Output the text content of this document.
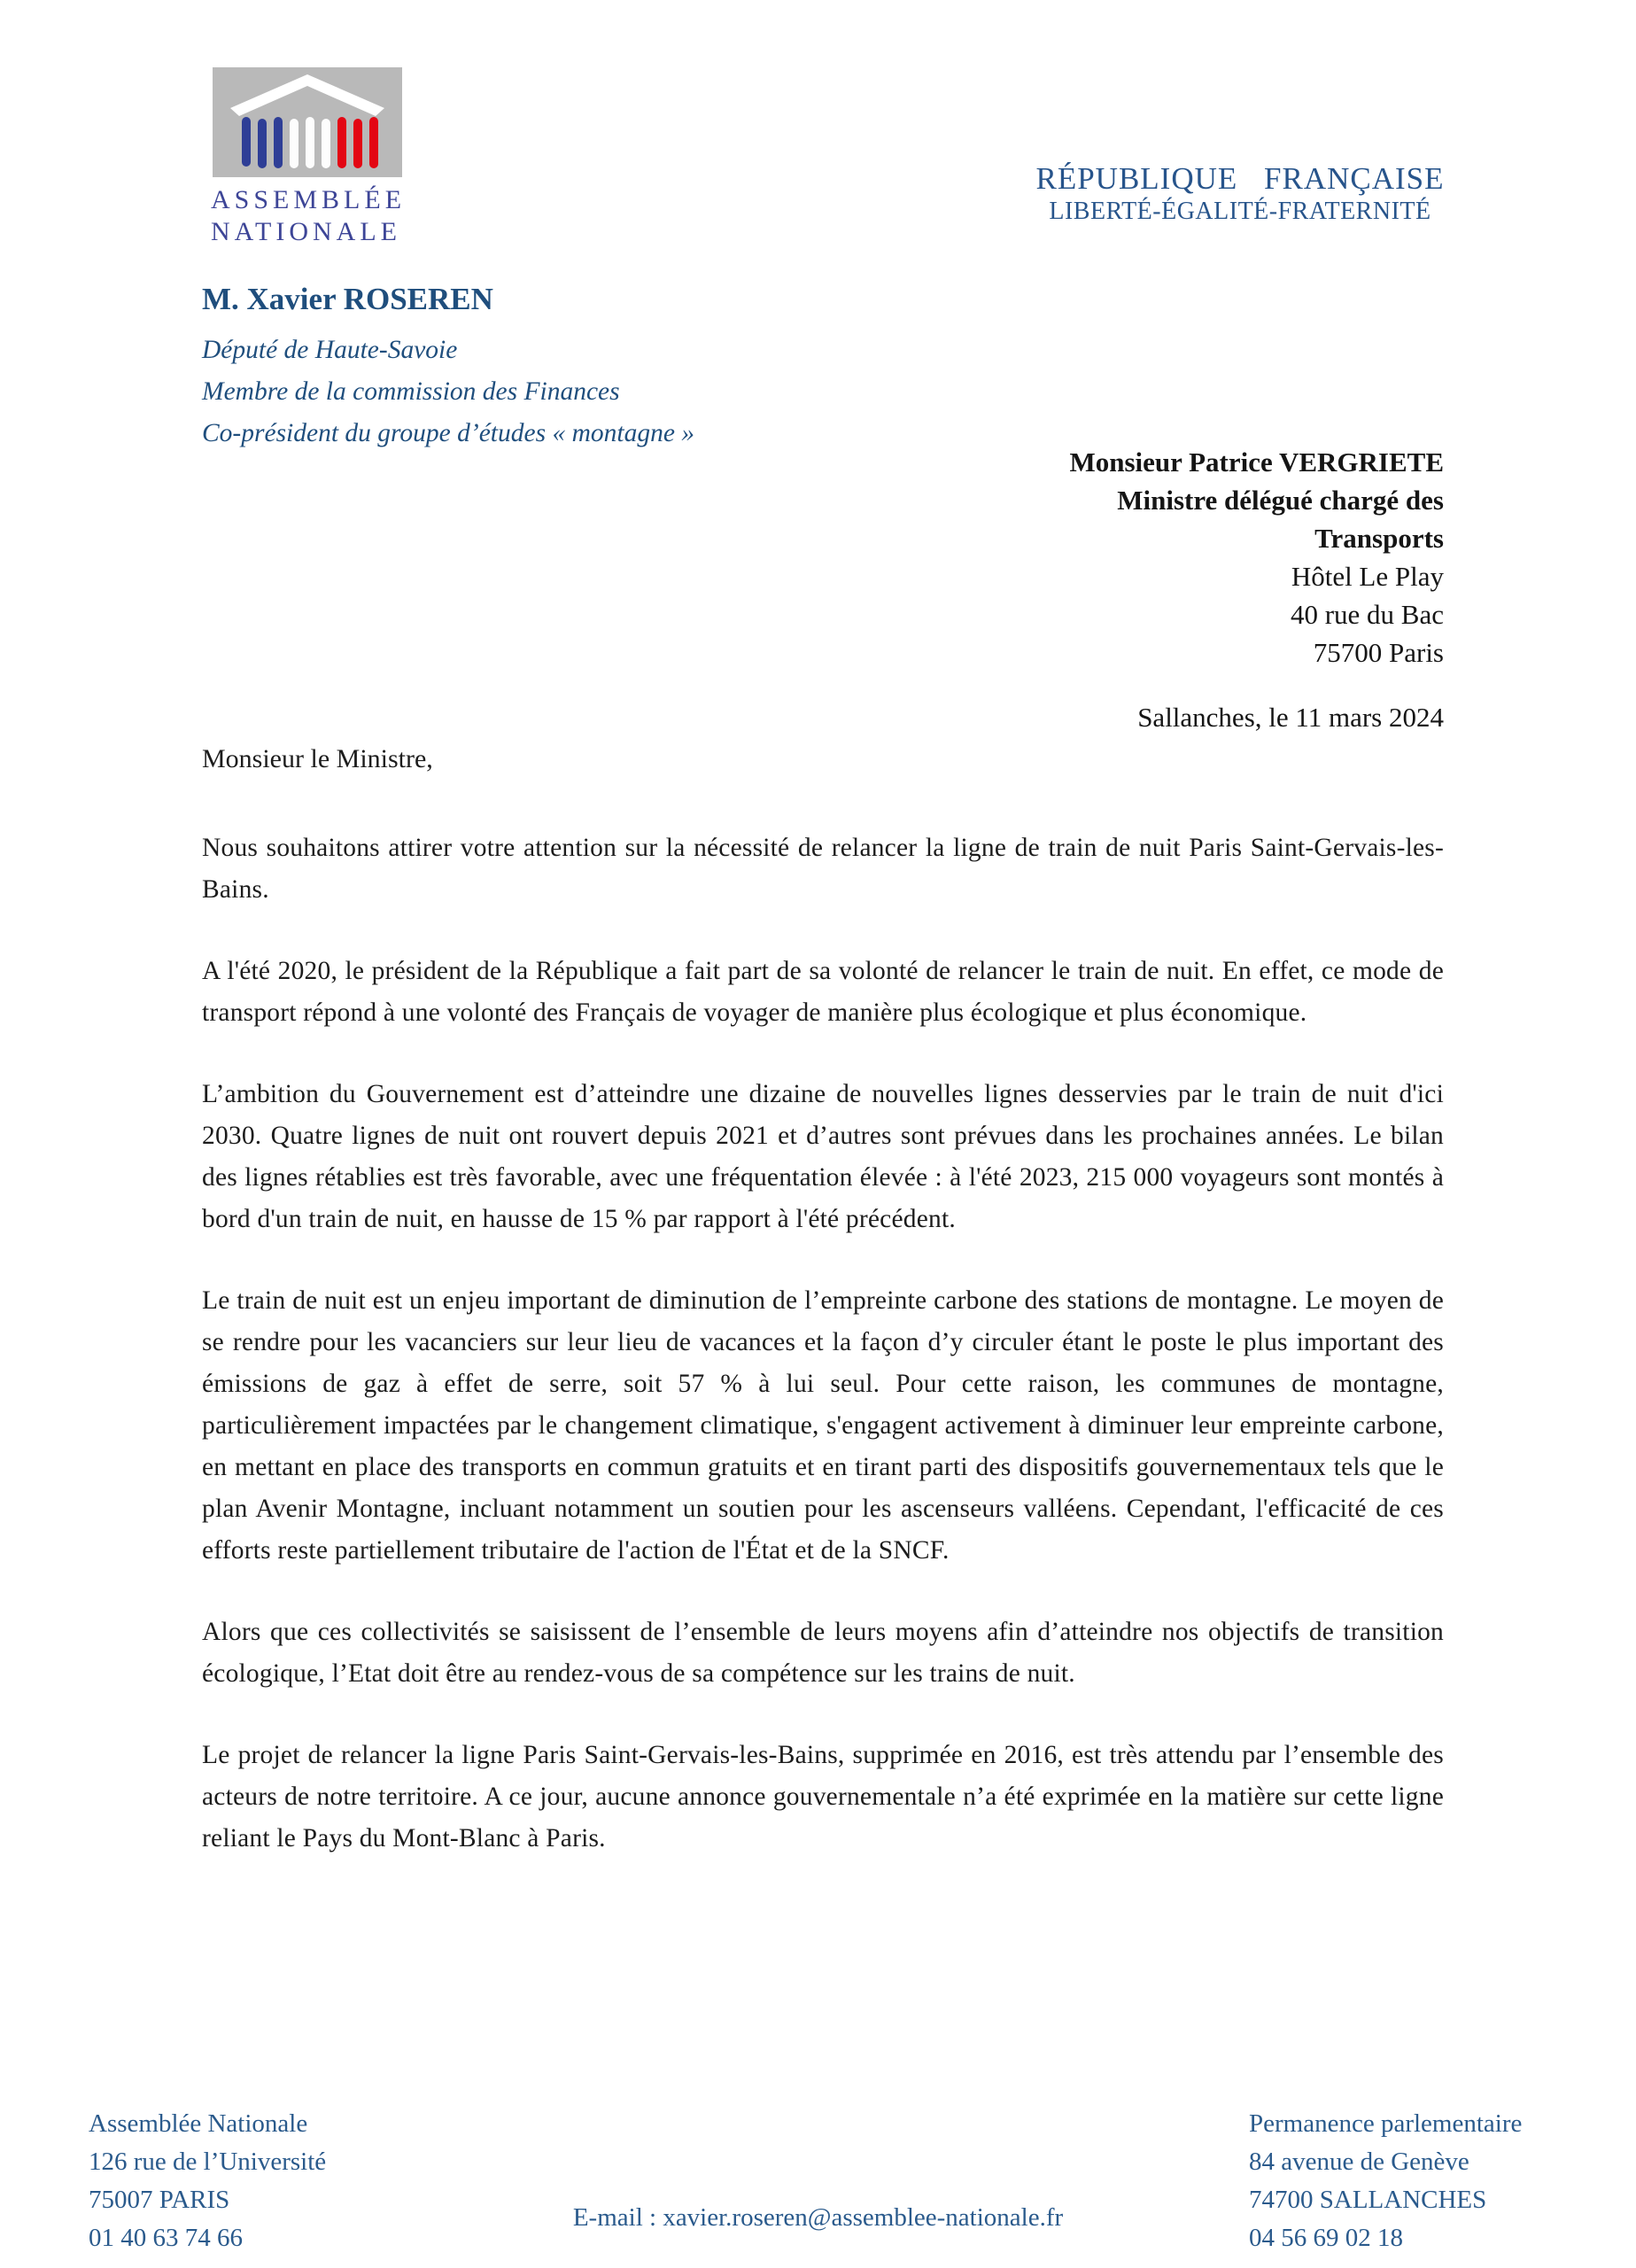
ASSEMBLÉE
NATIONALE
RÉPUBLIQUE FRANÇAISE
LIBERTÉ-ÉGALITÉ-FRATERNITÉ
M. Xavier ROSEREN
Député de Haute-Savoie
Membre de la commission des Finances
Co-président du groupe d’études « montagne »
Monsieur Patrice VERGRIETE
Ministre délégué chargé des
Transports
Hôtel Le Play
40 rue du Bac
75700 Paris
Sallanches, le 11 mars 2024
Monsieur le Ministre,

Nous souhaitons attirer votre attention sur la nécessité de relancer la ligne de train de nuit Paris Saint-Gervais-les-Bains.

A l'été 2020, le président de la République a fait part de sa volonté de relancer le train de nuit. En effet, ce mode de transport répond à une volonté des Français de voyager de manière plus écologique et plus économique.

L’ambition du Gouvernement est d’atteindre une dizaine de nouvelles lignes desservies par le train de nuit d'ici 2030. Quatre lignes de nuit ont rouvert depuis 2021 et d’autres sont prévues dans les prochaines années. Le bilan des lignes rétablies est très favorable, avec une fréquentation élevée : à l'été 2023, 215 000 voyageurs sont montés à bord d'un train de nuit, en hausse de 15 % par rapport à l'été précédent.

Le train de nuit est un enjeu important de diminution de l’empreinte carbone des stations de montagne. Le moyen de se rendre pour les vacanciers sur leur lieu de vacances et la façon d’y circuler étant le poste le plus important des émissions de gaz à effet de serre, soit 57 % à lui seul. Pour cette raison, les communes de montagne, particulièrement impactées par le changement climatique, s'engagent activement à diminuer leur empreinte carbone, en mettant en place des transports en commun gratuits et en tirant parti des dispositifs gouvernementaux tels que le plan Avenir Montagne, incluant notamment un soutien pour les ascenseurs valléens. Cependant, l'efficacité de ces efforts reste partiellement tributaire de l'action de l'État et de la SNCF.

Alors que ces collectivités se saisissent de l’ensemble de leurs moyens afin d’atteindre nos objectifs de transition écologique, l’Etat doit être au rendez-vous de sa compétence sur les trains de nuit.

Le projet de relancer la ligne Paris Saint-Gervais-les-Bains, supprimée en 2016, est très attendu par l’ensemble des acteurs de notre territoire. A ce jour, aucune annonce gouvernementale n’a été exprimée en la matière sur cette ligne reliant le Pays du Mont-Blanc à Paris.

Assemblée Nationale
126 rue de l’Université
75007 PARIS
01 40 63 74 66
E-mail : xavier.roseren@assemblee-nationale.fr
Permanence parlementaire
84 avenue de Genève
74700 SALLANCHES
04 56 69 02 18
